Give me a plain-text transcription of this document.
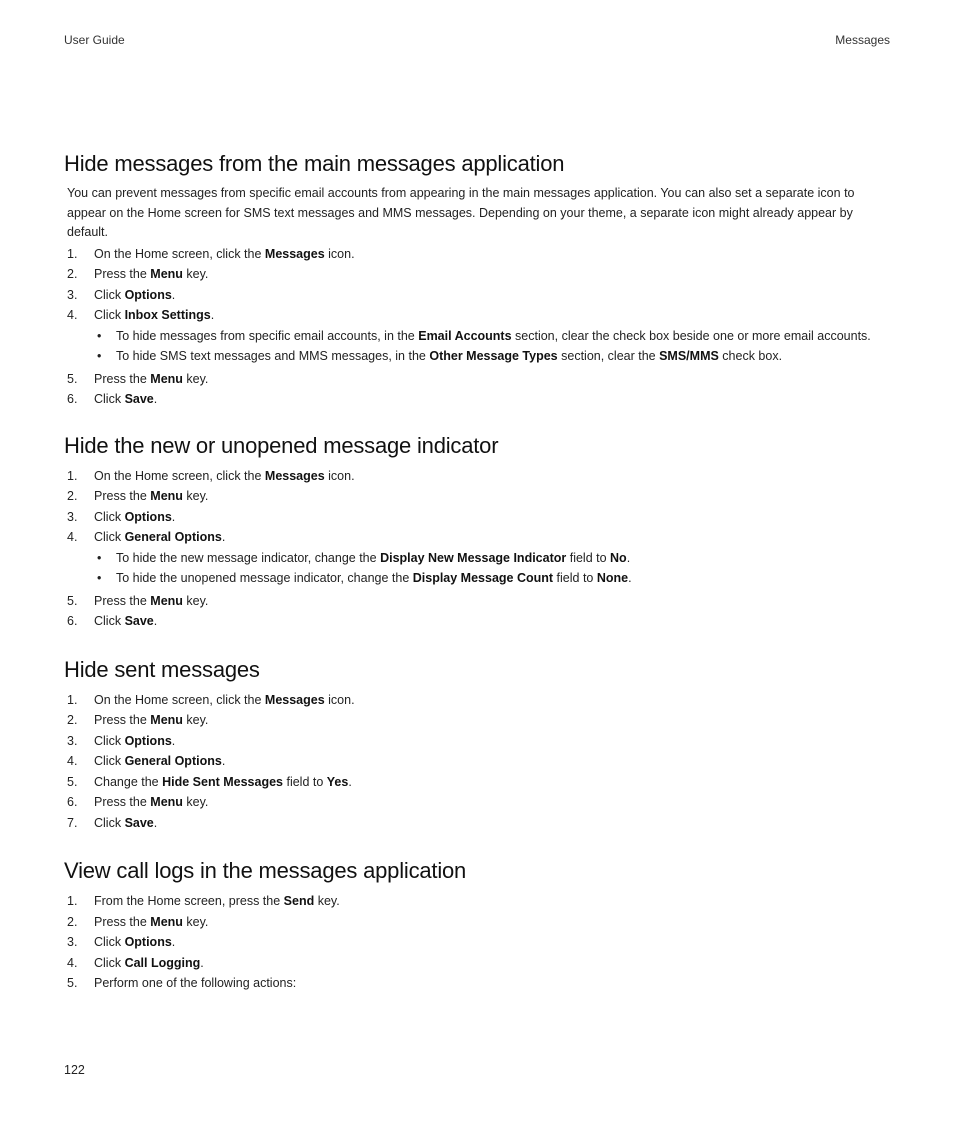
User Guide	Messages
Hide messages from the main messages application

You can prevent messages from specific email accounts from appearing in the main messages application. You can also set a separate icon to appear on the Home screen for SMS text messages and MMS messages. Depending on your theme, a separate icon might already appear by default.

1. On the Home screen, click the Messages icon.
2. Press the Menu key.
3. Click Options.
4. Click Inbox Settings.
• To hide messages from specific email accounts, in the Email Accounts section, clear the check box beside one or more email accounts.
• To hide SMS text messages and MMS messages, in the Other Message Types section, clear the SMS/MMS check box.
5. Press the Menu key.
6. Click Save.
Hide the new or unopened message indicator
1. On the Home screen, click the Messages icon.
2. Press the Menu key.
3. Click Options.
4. Click General Options.
• To hide the new message indicator, change the Display New Message Indicator field to No.
• To hide the unopened message indicator, change the Display Message Count field to None.
5. Press the Menu key.
6. Click Save.
Hide sent messages
1. On the Home screen, click the Messages icon.
2. Press the Menu key.
3. Click Options.
4. Click General Options.
5. Change the Hide Sent Messages field to Yes.
6. Press the Menu key.
7. Click Save.
View call logs in the messages application
1. From the Home screen, press the Send key.
2. Press the Menu key.
3. Click Options.
4. Click Call Logging.
5. Perform one of the following actions:
122
